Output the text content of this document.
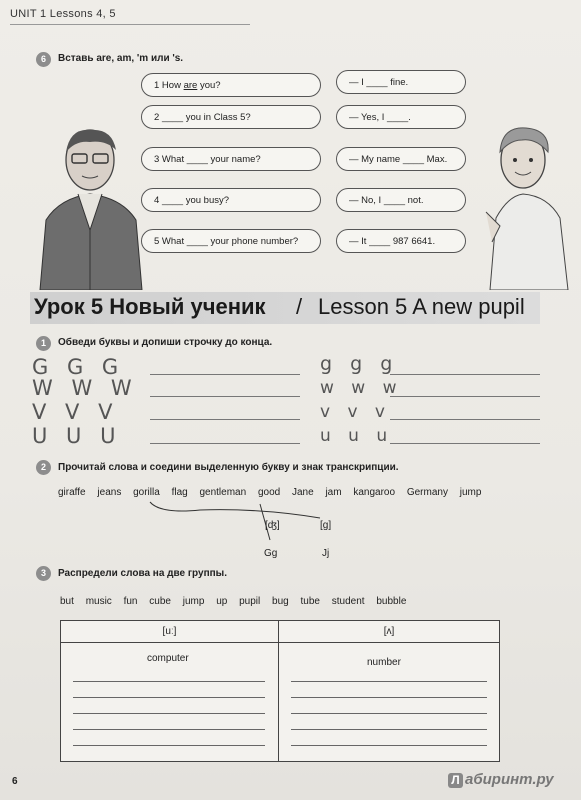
UNIT 1 Lessons 4, 5
6	Вставь are, am, 'm или 's.
1 How are you?
2 ____ you in Class 5?
3 What ____ your name?
4 ____ you busy?
5 What ____ your phone number?
— I ____ fine.
— Yes, I ____.
— My name ____ Max.
— No, I ____ not.
— It ____ 987 6641.
Урок 5 Новый ученик / Lesson 5 A new pupil
1	Обведи буквы и допиши строчку до конца.
G G G
W W W
V V V
U U U
g g g
w w w
v v v
u u u
2	Прочитай слова и соедини выделенную букву и знак транскрипции.
giraffe jeans gorilla flag gentleman good Jane jam kangaroo Germany jump
[ʤ]	[g]
Gg	Jj
3	Распредели слова на две группы.
but music fun cube jump up pupil bug tube student bubble
[uː]
computer
[ʌ]
number
6	Л абиринт.ру
